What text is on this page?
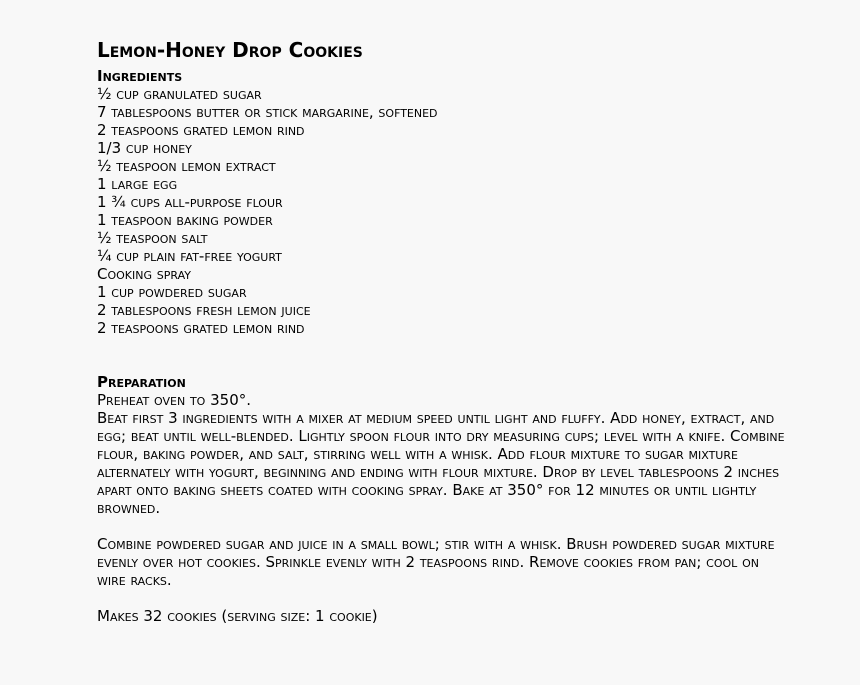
Lemon-Honey Drop Cookies
Ingredients
½ cup granulated sugar
7 tablespoons butter or stick margarine, softened
2 teaspoons grated lemon rind
1/3 cup honey
½ teaspoon lemon extract
1 large egg
1 ¾ cups all-purpose flour
1 teaspoon baking powder
½ teaspoon salt
¼ cup plain fat-free yogurt
Cooking spray
1 cup powdered sugar
2 tablespoons fresh lemon juice
2 teaspoons grated lemon rind
Preparation

Preheat oven to 350°.

Beat first 3 ingredients with a mixer at medium speed until light and fluffy. Add honey, extract, and egg; beat until well-blended. Lightly spoon flour into dry measuring cups; level with a knife. Combine flour, baking powder, and salt, stirring well with a whisk. Add flour mixture to sugar mixture alternately with yogurt, beginning and ending with flour mixture. Drop by level tablespoons 2 inches apart onto baking sheets coated with cooking spray. Bake at 350° for 12 minutes or until lightly browned.

Combine powdered sugar and juice in a small bowl; stir with a whisk. Brush powdered sugar mixture evenly over hot cookies. Sprinkle evenly with 2 teaspoons rind. Remove cookies from pan; cool on wire racks.

Makes 32 cookies (serving size: 1 cookie)
